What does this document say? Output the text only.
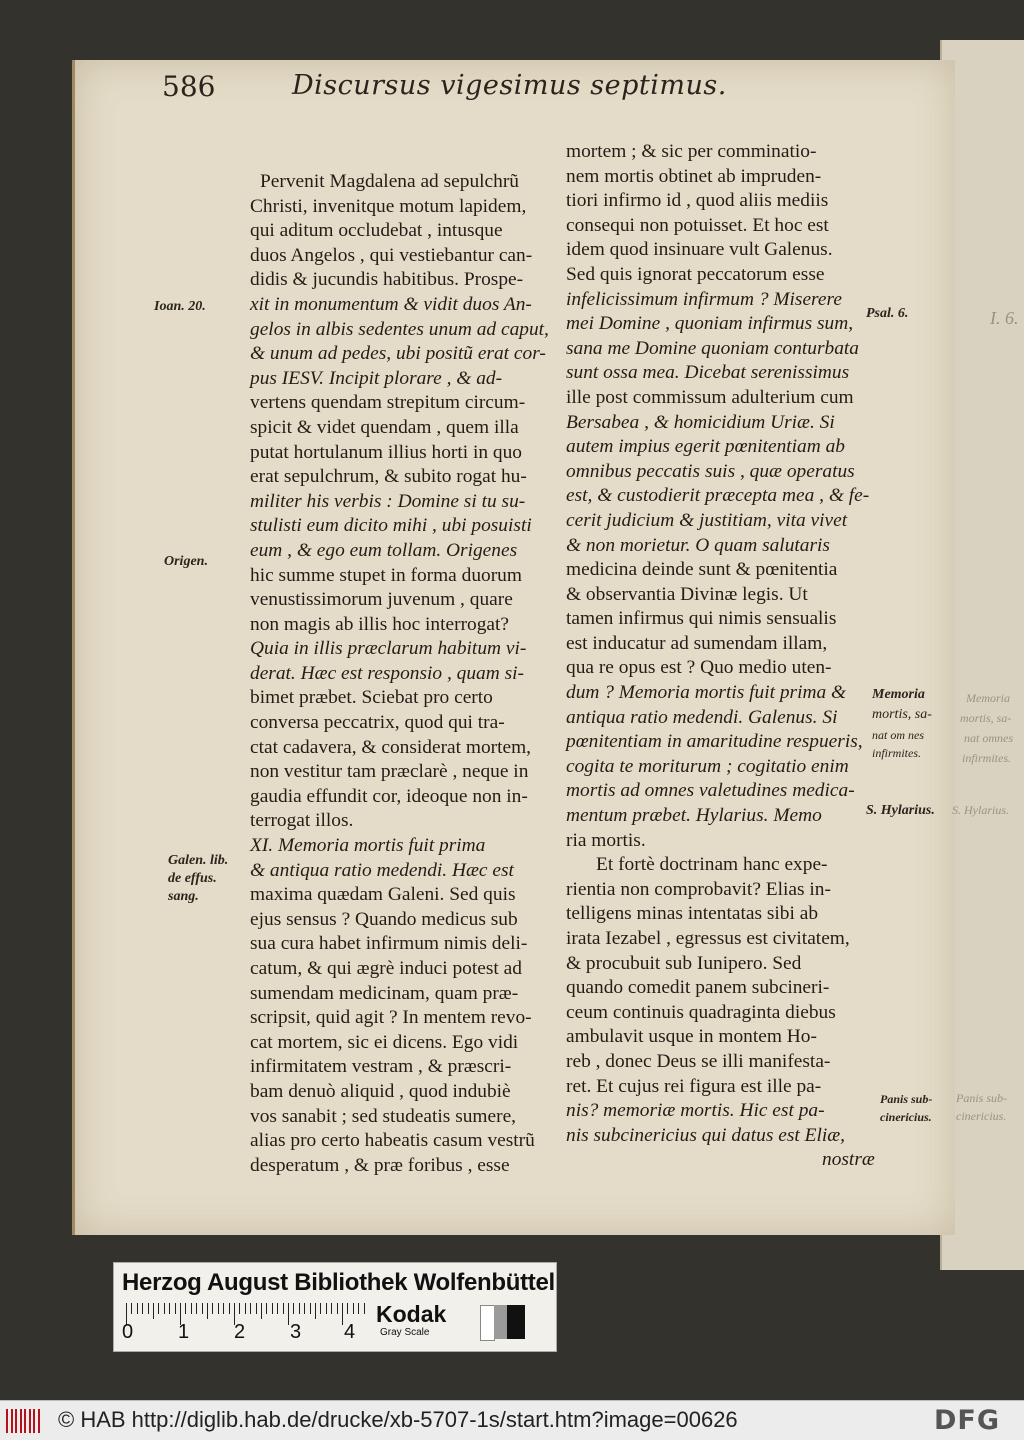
586	Discursus vigesimus septimus.
Pervenit Magdalena ad sepulchrũ
Christi, invenitque motum lapidem,
qui aditum occludebat , intusque
duos Angelos , qui vestiebantur can-
didis & jucundis habitibus. Prospe-
xit in monumentum & vidit duos An-
gelos in albis sedentes unum ad caput,
& unum ad pedes, ubi positũ erat cor-
pus IESV. Incipit plorare , & ad-
vertens quendam strepitum circum-
spicit & videt quendam , quem illa
putat hortulanum illius horti in quo
erat sepulchrum, & subito rogat hu-
militer his verbis : Domine si tu su-
stulisti eum dicito mihi , ubi posuisti
eum , & ego eum tollam. Origenes
hic summe stupet in forma duorum
venustissimorum juvenum , quare
non magis ab illis hoc interrogat?
Quia in illis præclarum habitum vi-
derat. Hæc est responsio , quam si-
bimet præbet. Sciebat pro certo
conversa peccatrix, quod qui tra-
ctat cadavera, & considerat mortem,
non vestitur tam præclarè , neque in
gaudia effundit cor, ideoque non in-
terrogat illos.
XI. Memoria mortis fuit prima
& antiqua ratio medendi. Hæc est
maxima quædam Galeni. Sed quis
ejus sensus ? Quando medicus sub
sua cura habet infirmum nimis deli-
catum, & qui ægrè induci potest ad
sumendam medicinam, quam præ-
scripsit, quid agit ? In mentem revo-
cat mortem, sic ei dicens. Ego vidi
infirmitatem vestram , & præscri-
bam denuò aliquid , quod indubiè
vos sanabit ; sed studeatis sumere,
alias pro certo habeatis casum vestrũ
desperatum , & præ foribus , esse
mortem ; & sic per comminatio-
nem mortis obtinet ab impruden-
tiori infirmo id , quod aliis mediis
consequi non potuisset. Et hoc est
idem quod insinuare vult Galenus.
Sed quis ignorat peccatorum esse
infelicissimum infirmum ? Miserere
mei Domine , quoniam infirmus sum,
sana me Domine quoniam conturbata
sunt ossa mea. Dicebat serenissimus
ille post commissum adulterium cum
Bersabea , & homicidium Uriæ. Si
autem impius egerit pœnitentiam ab
omnibus peccatis suis , quæ operatus
est, & custodierit præcepta mea , & fe-
cerit judicium & justitiam, vita vivet
& non morietur. O quam salutaris
medicina deinde sunt & pœnitentia
& observantia Divinæ legis. Ut
tamen infirmus qui nimis sensualis
est inducatur ad sumendam illam,
qua re opus est ? Quo medio uten-
dum ? Memoria mortis fuit prima &
antiqua ratio medendi. Galenus. Si
pœnitentiam in amaritudine respueris,
cogita te moriturum ; cogitatio enim
mortis ad omnes valetudines medica-
mentum præbet. Hylarius. Memo
ria mortis.
Et fortè doctrinam hanc expe-
rientia non comprobavit? Elias in-
telligens minas intentatas sibi ab
irata Iezabel , egressus est civitatem,
& procubuit sub Iunipero. Sed
quando comedit panem subcineri-
ceum continuis quadraginta diebus
ambulavit usque in montem Ho-
reb , donec Deus se illi manifesta-
ret. Et cujus rei figura est ille pa-
nis? memoriæ mortis. Hic est pa-
nis subcinericius qui datus est Eliæ,
nostræ
Ioan. 20.
Origen.
Galen. lib.
de effus.
sang.
Psal. 6.
Memoria
mortis, sa-
nat om nes
infirmites.
S. Hylarius.
Panis sub-
cinericius.
I. 6.
Memoria
mortis, sa-
nat omnes
infirmites.
S. Hylarius.
Panis sub-
cinericius.
Herzog August Bibliothek Wolfenbüttel
0 1 2 3 4
Kodak
Gray Scale
© HAB http://diglib.hab.de/drucke/xb-5707-1s/start.htm?image=00626	DFG
